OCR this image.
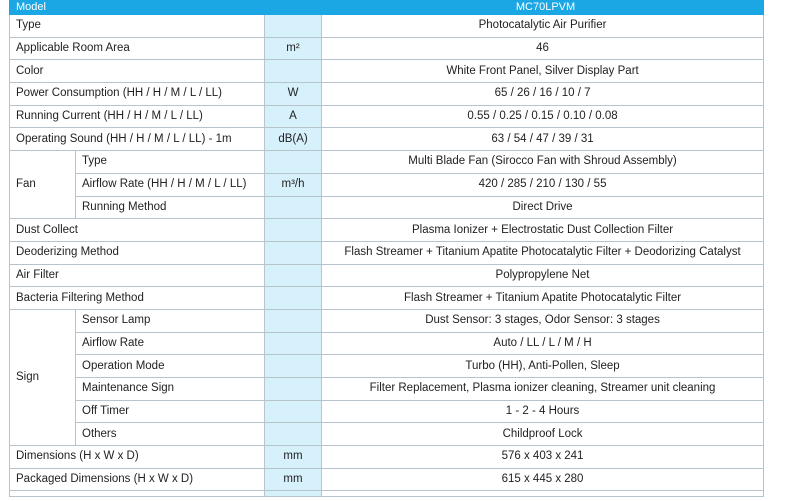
Model			MC70LPVM
Type			Photocatalytic Air Purifier
Applicable Room Area		m²	46
Color			White Front Panel, Silver Display Part
Power Consumption (HH / H / M / L / LL)		W	65 / 26 / 16 / 10 / 7
Running Current (HH / H / M / L / LL)		A	0.55 / 0.25 / 0.15 / 0.10 / 0.08
Operating Sound (HH / H / M / L / LL) - 1m		dB(A)	63 / 54 / 47 / 39 / 31
Fan	Type		Multi Blade Fan (Sirocco Fan with Shroud Assembly)
	Airflow Rate (HH / H / M / L / LL)	m³/h	420 / 285 / 210 / 130 / 55
	Running Method		Direct Drive
Dust Collect			Plasma Ionizer + Electrostatic Dust Collection Filter
Deoderizing Method			Flash Streamer + Titanium Apatite Photocatalytic Filter + Deodorizing Catalyst
Air Filter			Polypropylene Net
Bacteria Filtering Method			Flash Streamer + Titanium Apatite Photocatalytic Filter
Sign	Sensor Lamp		Dust Sensor: 3 stages, Odor Sensor: 3 stages
	Airflow Rate		Auto / LL / L / M / H
	Operation Mode		Turbo (HH), Anti-Pollen, Sleep
	Maintenance Sign		Filter Replacement, Plasma ionizer cleaning, Streamer unit cleaning
	Off Timer		1 - 2 - 4 Hours
	Others		Childproof Lock
Dimensions (H x W x D)		mm	576 x 403 x 241
Packaged Dimensions (H x W x D)		mm	615 x 445 x 280
